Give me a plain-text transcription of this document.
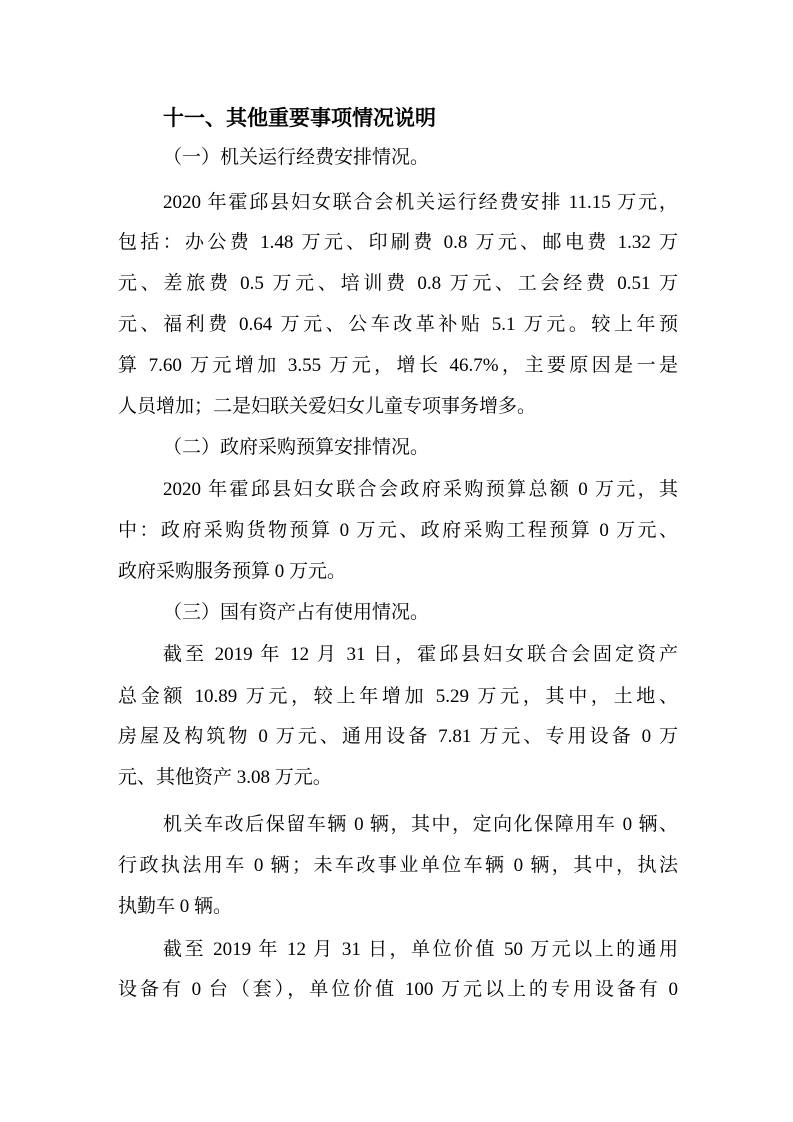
十一、其他重要事项情况说明
（一）机关运行经费安排情况。
2020 年霍邱县妇女联合会机关运行经费安排 11.15 万元，
包括：办公费 1.48 万元、印刷费 0.8 万元、邮电费 1.32 万
元、差旅费 0.5 万元、培训费 0.8 万元、工会经费 0.51 万
元、福利费 0.64 万元、公车改革补贴 5.1 万元。较上年预
算 7.60 万元增加 3.55 万元，增长 46.7%，主要原因是一是
人员增加；二是妇联关爱妇女儿童专项事务增多。
（二）政府采购预算安排情况。
2020 年霍邱县妇女联合会政府采购预算总额 0 万元，其
中：政府采购货物预算 0 万元、政府采购工程预算 0 万元、
政府采购服务预算 0 万元。
（三）国有资产占有使用情况。
截至 2019 年 12 月 31 日，霍邱县妇女联合会固定资产
总金额 10.89 万元，较上年增加 5.29 万元，其中，土地、
房屋及构筑物 0 万元、通用设备 7.81 万元、专用设备 0 万
元、其他资产 3.08 万元。
机关车改后保留车辆 0 辆，其中，定向化保障用车 0 辆、
行政执法用车 0 辆；未车改事业单位车辆 0 辆，其中，执法
执勤车 0 辆。
截至 2019 年 12 月 31 日，单位价值 50 万元以上的通用
设备有 0 台（套），单位价值 100 万元以上的专用设备有 0
